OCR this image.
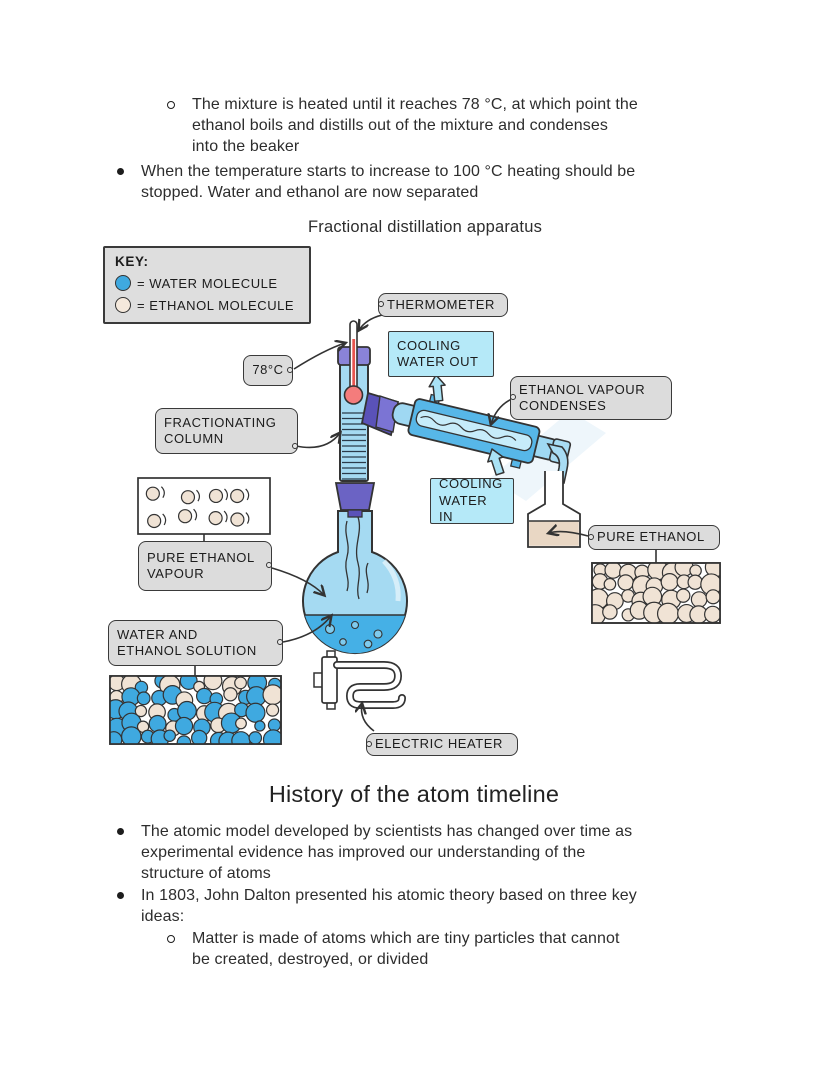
The mixture is heated until it reaches 78 °C, at which point the
ethanol boils and distills out of the mixture and condenses
into the beaker
When the temperature starts to increase to 100 °C heating should be
stopped. Water and ethanol are now separated
Fractional distillation apparatus
KEY:
= WATER MOLECULE
= ETHANOL MOLECULE	THERMOMETER
COOLING
WATER OUT
78°C
ETHANOL VAPOUR
CONDENSES
FRACTIONATING
COLUMN
COOLING
WATER IN
PURE ETHANOL
VAPOUR
PURE ETHANOL
WATER AND
ETHANOL SOLUTION
ELECTRIC HEATER
History of the atom timeline
The atomic model developed by scientists has changed over time as
experimental evidence has improved our understanding of the
structure of atoms
In 1803, John Dalton presented his atomic theory based on three key
ideas:
Matter is made of atoms which are tiny particles that cannot
be created, destroyed, or divided
